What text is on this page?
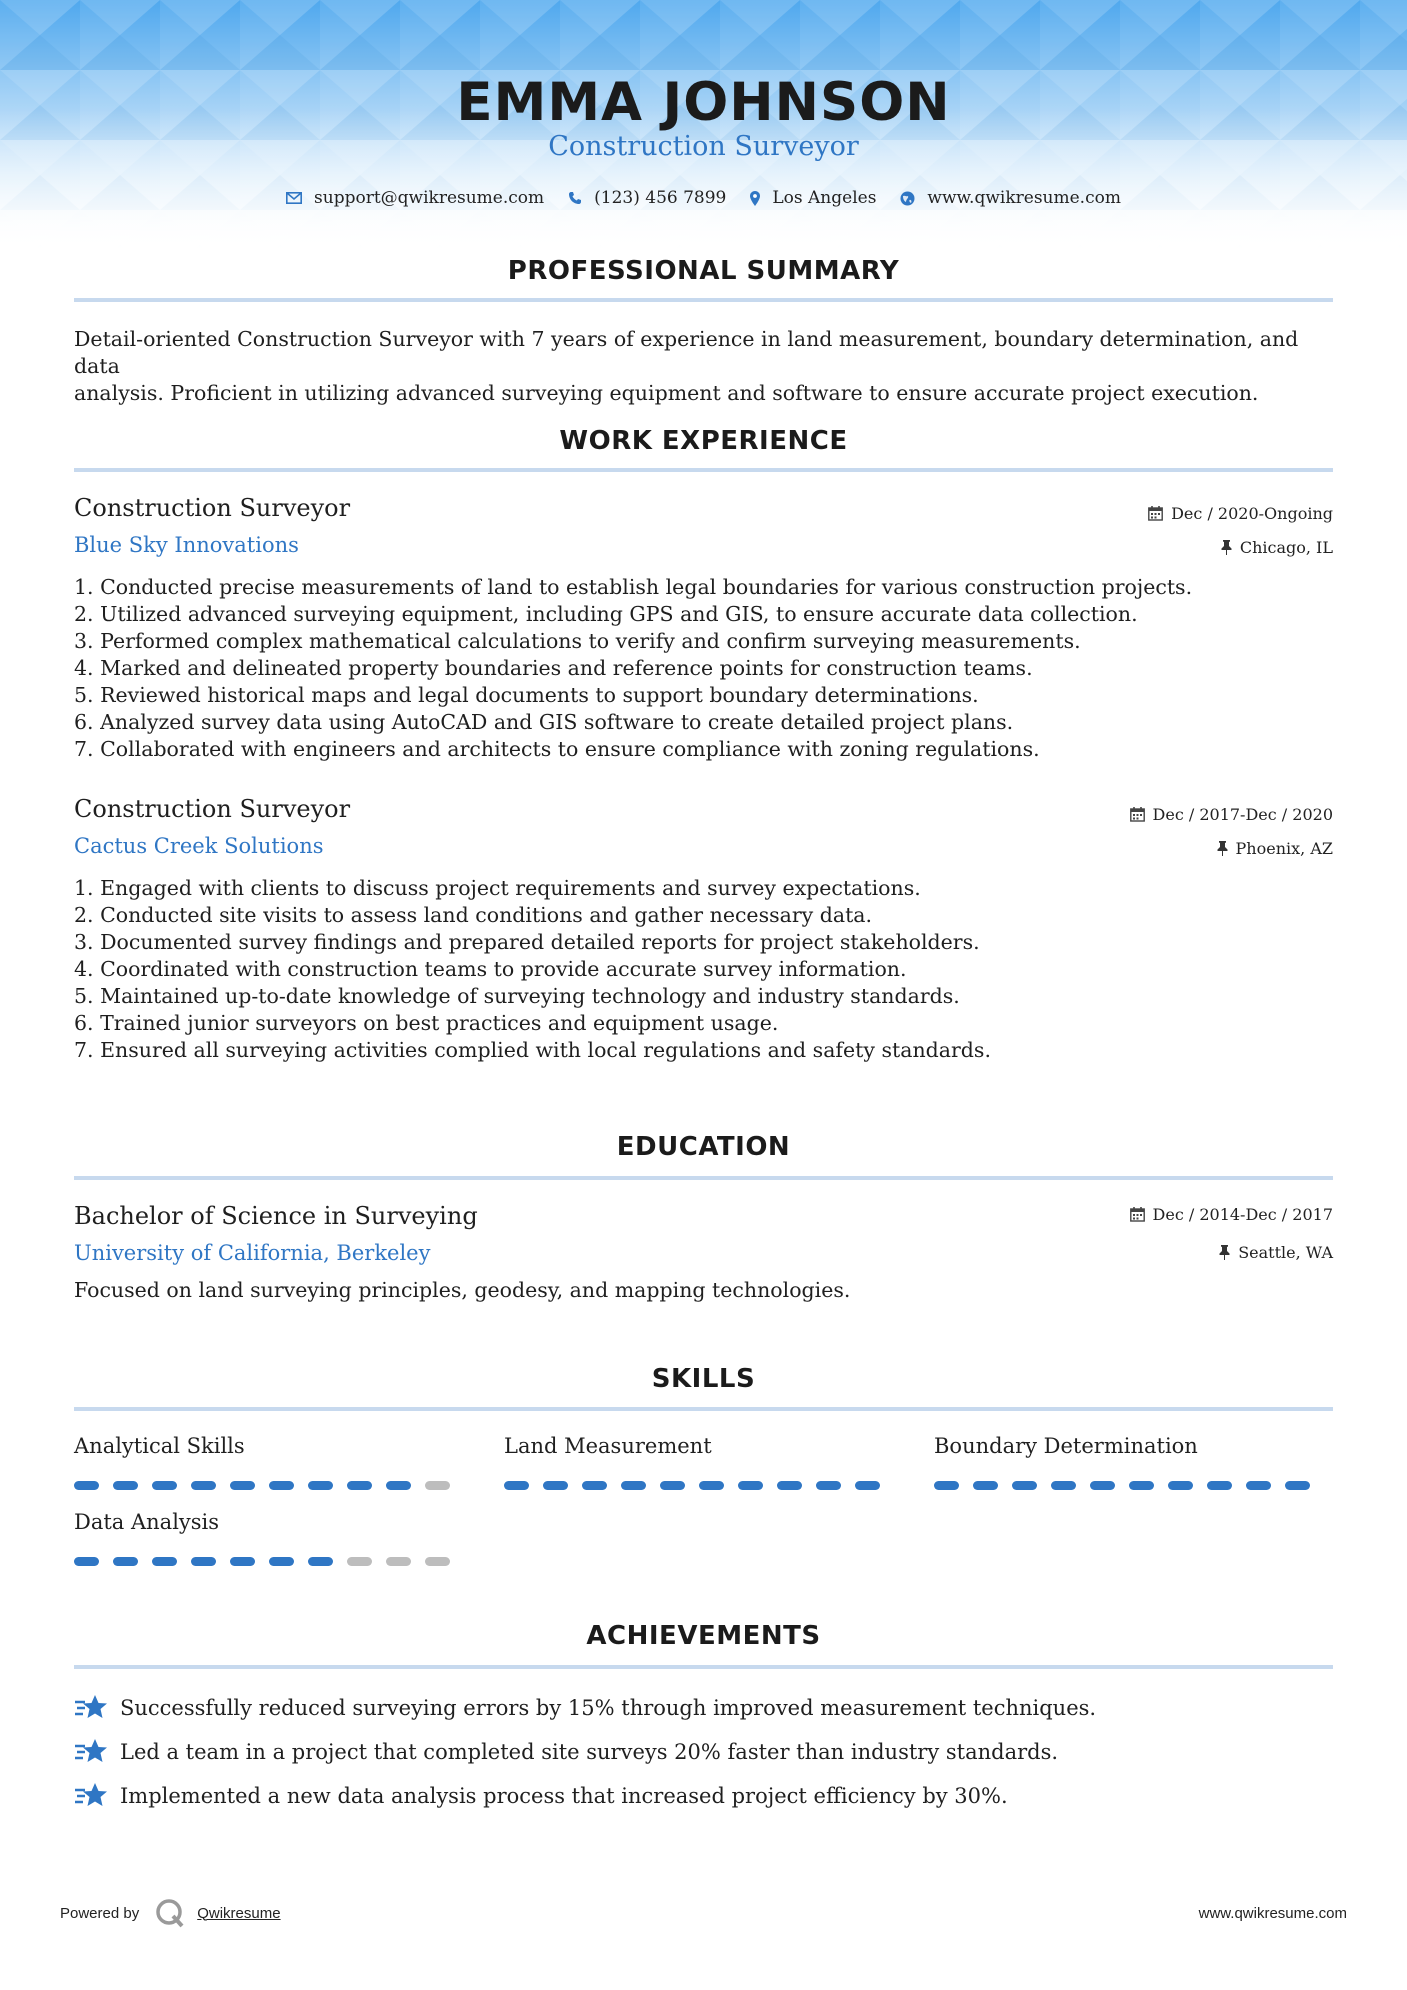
EMMA JOHNSON
Construction Surveyor
support@qwikresume.com	(123) 456 7899	Los Angeles	www.qwikresume.com
PROFESSIONAL SUMMARY
Detail-oriented Construction Surveyor with 7 years of experience in land measurement, boundary determination, and data
analysis. Proficient in utilizing advanced surveying equipment and software to ensure accurate project execution.
WORK EXPERIENCE
Construction Surveyor	Dec / 2020-Ongoing
Blue Sky Innovations	Chicago, IL
1. Conducted precise measurements of land to establish legal boundaries for various construction projects.
2. Utilized advanced surveying equipment, including GPS and GIS, to ensure accurate data collection.
3. Performed complex mathematical calculations to verify and confirm surveying measurements.
4. Marked and delineated property boundaries and reference points for construction teams.
5. Reviewed historical maps and legal documents to support boundary determinations.
6. Analyzed survey data using AutoCAD and GIS software to create detailed project plans.
7. Collaborated with engineers and architects to ensure compliance with zoning regulations.
Construction Surveyor	Dec / 2017-Dec / 2020
Cactus Creek Solutions	Phoenix, AZ
1. Engaged with clients to discuss project requirements and survey expectations.
2. Conducted site visits to assess land conditions and gather necessary data.
3. Documented survey findings and prepared detailed reports for project stakeholders.
4. Coordinated with construction teams to provide accurate survey information.
5. Maintained up-to-date knowledge of surveying technology and industry standards.
6. Trained junior surveyors on best practices and equipment usage.
7. Ensured all surveying activities complied with local regulations and safety standards.
EDUCATION
Bachelor of Science in Surveying	Dec / 2014-Dec / 2017
University of California, Berkeley	Seattle, WA
Focused on land surveying principles, geodesy, and mapping technologies.
SKILLS
Analytical Skills	Land Measurement	Boundary Determination
Data Analysis
ACHIEVEMENTS
Successfully reduced surveying errors by 15% through improved measurement techniques.
Led a team in a project that completed site surveys 20% faster than industry standards.
Implemented a new data analysis process that increased project efficiency by 30%.
Powered by	Qwikresume	www.qwikresume.com
